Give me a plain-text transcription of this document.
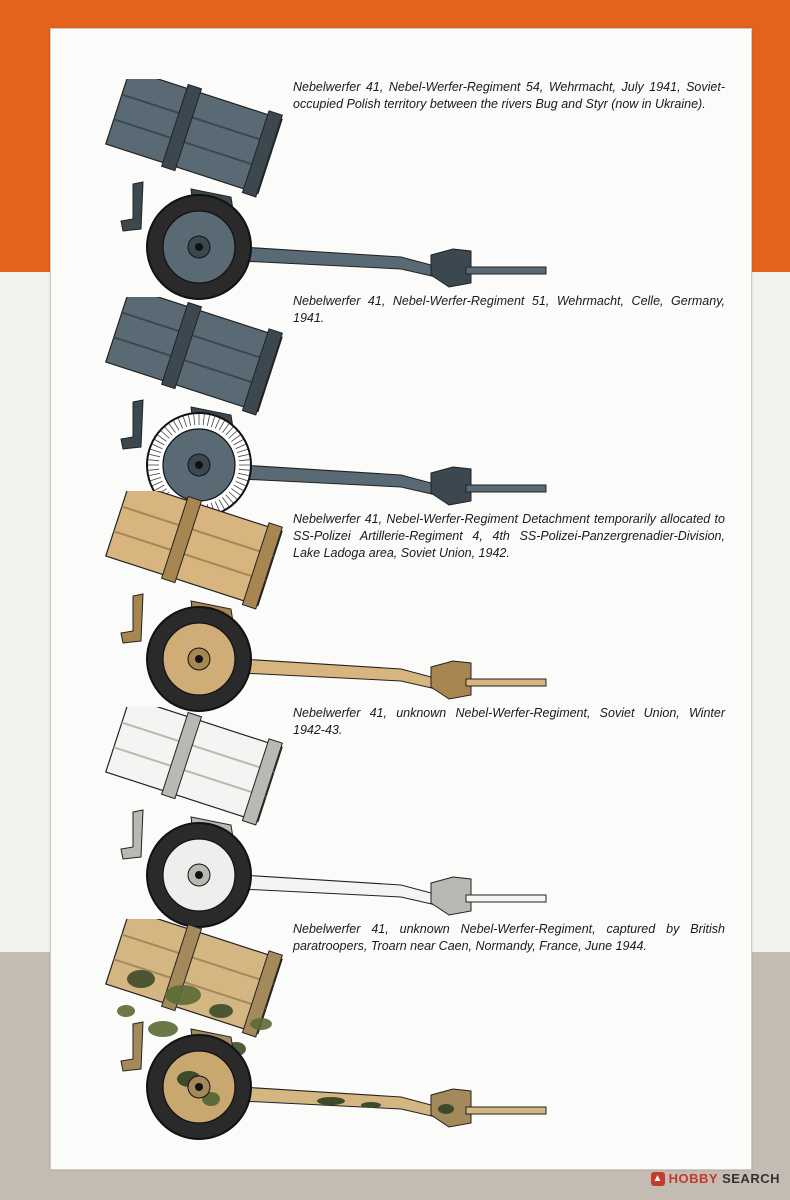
Nebelwerfer 41, Nebel-Werfer-Regiment 54, Wehrmacht, July 1941, Soviet-occupied Polish territory between the rivers Bug and Styr (now in Ukraine).

Nebelwerfer 41, Nebel-Werfer-Regiment 51, Wehrmacht, Celle, Germany, 1941.

Nebelwerfer 41, Nebel-Werfer-Regiment Detachment temporarily allocated to SS-Polizei Artillerie-Regiment 4, 4th SS-Polizei-Panzergrenadier-Division, Lake Ladoga area, Soviet Union, 1942.

Nebelwerfer 41, unknown Nebel-Werfer-Regiment, Soviet Union, Winter 1942-43.

Nebelwerfer 41, unknown Nebel-Werfer-Regiment, captured by British paratroopers, Troarn near Caen, Normandy, France, June 1944.

▲ HOBBY SEARCH
